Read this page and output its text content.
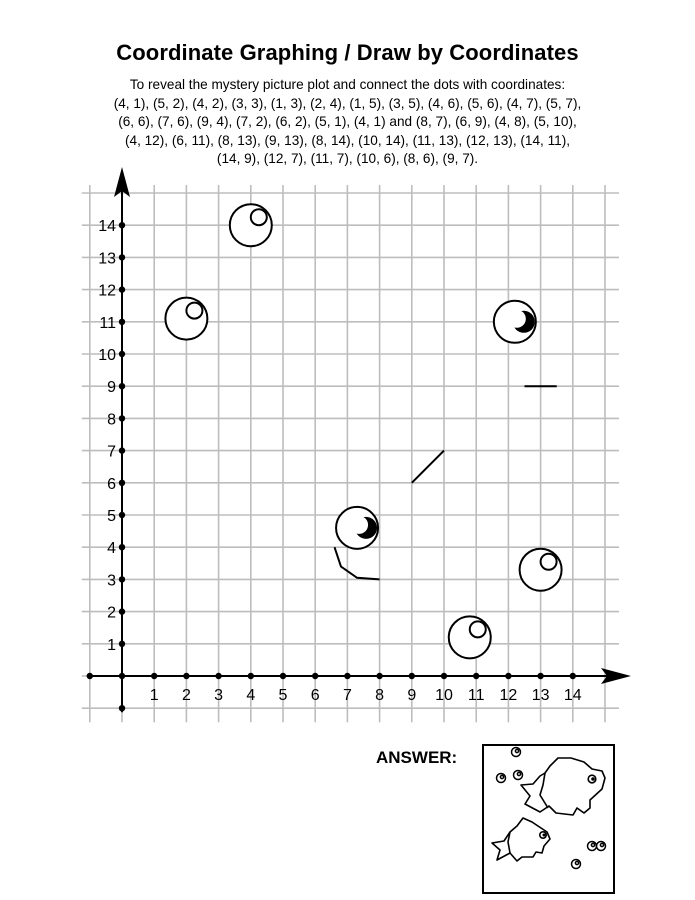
Coordinate Graphing / Draw by Coordinates
To reveal the mystery picture plot and connect the dots with coordinates:
(4, 1), (5, 2), (4, 2), (3, 3), (1, 3), (2, 4), (1, 5), (3, 5), (4, 6), (5, 6), (4, 7), (5, 7),
(6, 6), (7, 6), (9, 4), (7, 2), (6, 2), (5, 1), (4, 1) and (8, 7), (6, 9), (4, 8), (5, 10),
(4, 12), (6, 11), (8, 13), (9, 13), (8, 14), (10, 14), (11, 13), (12, 13), (14, 11),
(14, 9), (12, 7), (11, 7), (10, 6), (8, 6), (9, 7).
1 2 3 4 5 6 7 8 9 10 11 12 13 14
1
2
3
4
5
6
7
8
9
10
11
12
13
14
ANSWER:
